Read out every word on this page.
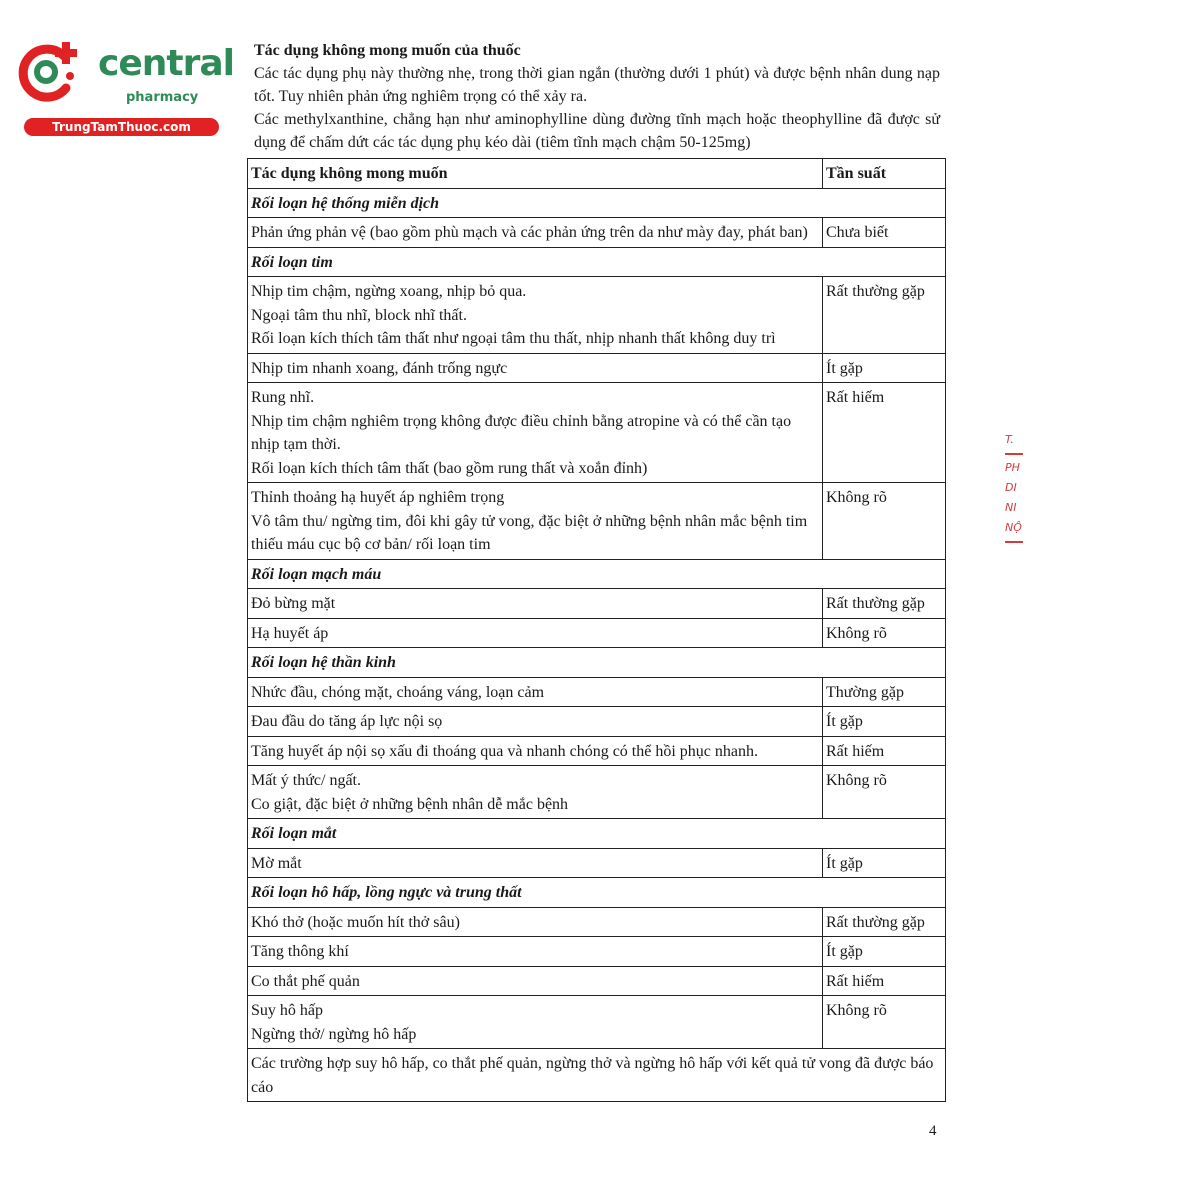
central
pharmacy
TrungTamThuoc.com
Tác dụng không mong muốn của thuốc

Các tác dụng phụ này thường nhẹ, trong thời gian ngắn (thường dưới 1 phút) và được bệnh nhân dung nạp tốt. Tuy nhiên phản ứng nghiêm trọng có thể xảy ra.

Các methylxanthine, chẳng hạn như aminophylline dùng đường tĩnh mạch hoặc theophylline đã được sử dụng để chấm dứt các tác dụng phụ kéo dài (tiêm tĩnh mạch chậm 50-125mg)

Tác dụng không mong muốn	Tần suất
Rối loạn hệ thống miễn dịch	

Phản ứng phản vệ (bao gồm phù mạch và các phản ứng trên da như mày đay, phát ban)	Chưa biết
Rối loạn tim	

Nhịp tim chậm, ngừng xoang, nhịp bỏ qua.
Ngoại tâm thu nhĩ, block nhĩ thất.
Rối loạn kích thích tâm thất như ngoại tâm thu thất, nhịp nhanh thất không duy trì	Rất thường gặp

Nhịp tim nhanh xoang, đánh trống ngực	Ít gặp

Rung nhĩ.
Nhịp tim chậm nghiêm trọng không được điều chỉnh bằng atropine và có thể cần tạo nhịp tạm thời.
Rối loạn kích thích tâm thất (bao gồm rung thất và xoắn đỉnh)	Rất hiếm

Thỉnh thoảng hạ huyết áp nghiêm trọng
Vô tâm thu/ ngừng tim, đôi khi gây tử vong, đặc biệt ở những bệnh nhân mắc bệnh tim thiếu máu cục bộ cơ bản/ rối loạn tim	Không rõ
Rối loạn mạch máu	

Đỏ bừng mặt	Rất thường gặp

Hạ huyết áp	Không rõ
Rối loạn hệ thần kinh	

Nhức đầu, chóng mặt, choáng váng, loạn cảm	Thường gặp

Đau đầu do tăng áp lực nội sọ	Ít gặp

Tăng huyết áp nội sọ xấu đi thoáng qua và nhanh chóng có thể hồi phục nhanh.	Rất hiếm

Mất ý thức/ ngất.
Co giật, đặc biệt ở những bệnh nhân dễ mắc bệnh	Không rõ
Rối loạn mắt	

Mờ mắt	Ít gặp
Rối loạn hô hấp, lồng ngực và trung thất	

Khó thở (hoặc muốn hít thở sâu)	Rất thường gặp

Tăng thông khí	Ít gặp

Co thắt phế quản	Rất hiếm

Suy hô hấp
Ngừng thở/ ngừng hô hấp	Không rõ
Các trường hợp suy hô hấp, co thắt phế quản, ngừng thở và ngừng hô hấp với kết quả tử vong đã được báo cáo	
4
T.
PH
DI
NI
NỘ
